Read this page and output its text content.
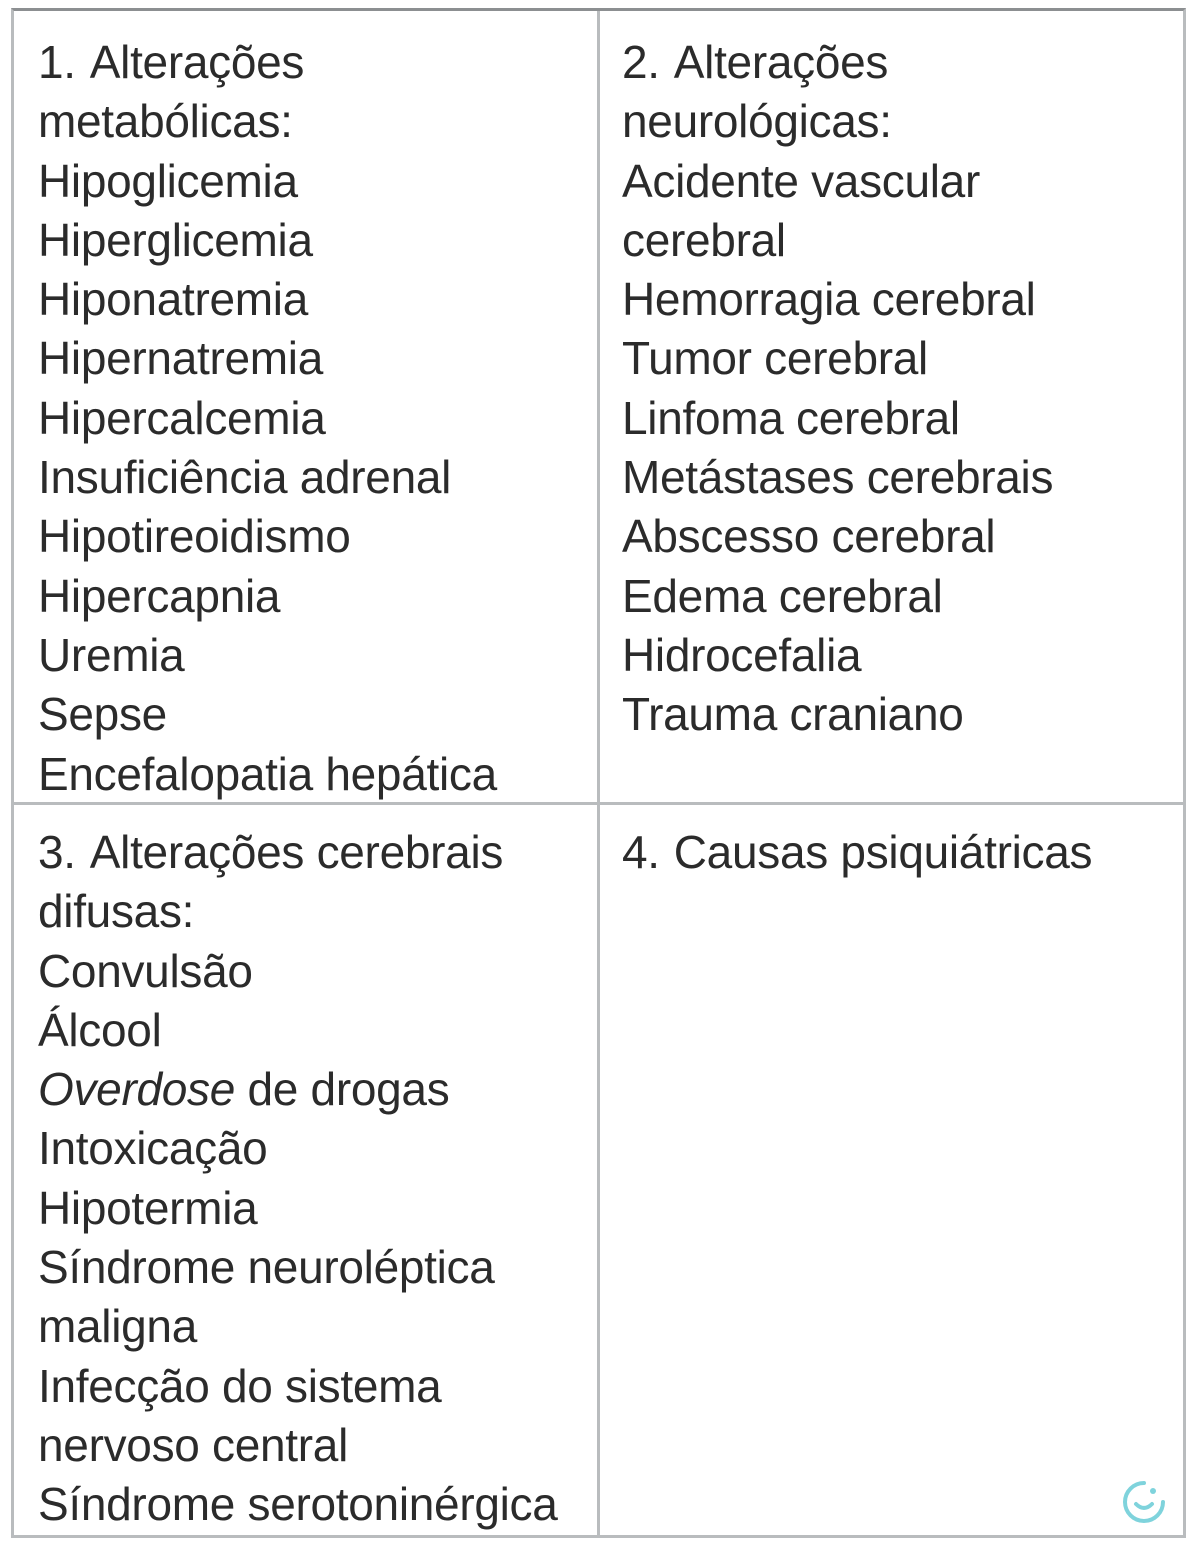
1. Alterações
metabólicas:
Hipoglicemia
Hiperglicemia
Hiponatremia
Hipernatremia
Hipercalcemia
Insuficiência adrenal
Hipotireoidismo
Hipercapnia
Uremia
Sepse
Encefalopatia hepática
2. Alterações
neurológicas:
Acidente vascular
cerebral
Hemorragia cerebral
Tumor cerebral
Linfoma cerebral
Metástases cerebrais
Abscesso cerebral
Edema cerebral
Hidrocefalia
Trauma craniano
3. Alterações cerebrais
difusas:
Convulsão
Álcool
Overdose de drogas
Intoxicação
Hipotermia
Síndrome neuroléptica
maligna
Infecção do sistema
nervoso central
Síndrome serotoninérgica
4. Causas psiquiátricas
